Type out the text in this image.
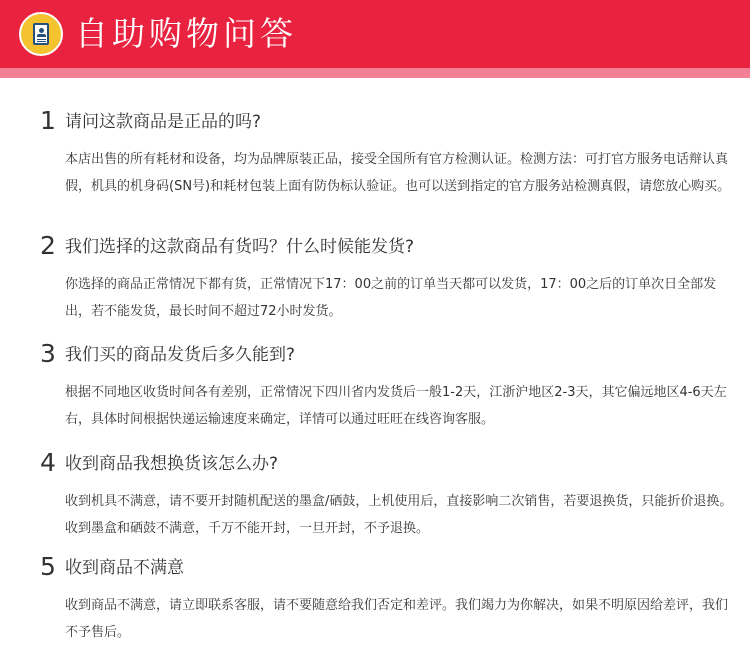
自助购物问答
1 请问这款商品是正品的吗?
本店出售的所有耗材和设备，均为品牌原装正品，接受全国所有官方检测认证。检测方法：可打官方服务电话辩认真假，机具的机身码(SN号)和耗材包装上面有防伪标认验证。也可以送到指定的官方服务站检测真假，请您放心购买。
2 我们选择的这款商品有货吗？什么时候能发货?
你选择的商品正常情况下都有货，正常情况下17：00之前的订单当天都可以发货，17：00之后的订单次日全部发出，若不能发货，最长时间不超过72小时发货。
3 我们买的商品发货后多久能到?
根据不同地区收货时间各有差别，正常情况下四川省内发货后一般1-2天，江浙沪地区2-3天，其它偏远地区4-6天左右，具体时间根据快递运输速度来确定，详情可以通过旺旺在线咨询客服。
4 收到商品我想换货该怎么办?
收到机具不满意，请不要开封随机配送的墨盒/硒鼓，上机使用后，直接影响二次销售，若要退换货，只能折价退换。收到墨盒和硒鼓不满意，千万不能开封，一旦开封，不予退换。
5 收到商品不满意
收到商品不满意，请立即联系客服，请不要随意给我们否定和差评。我们竭力为你解决，如果不明原因给差评，我们不予售后。
